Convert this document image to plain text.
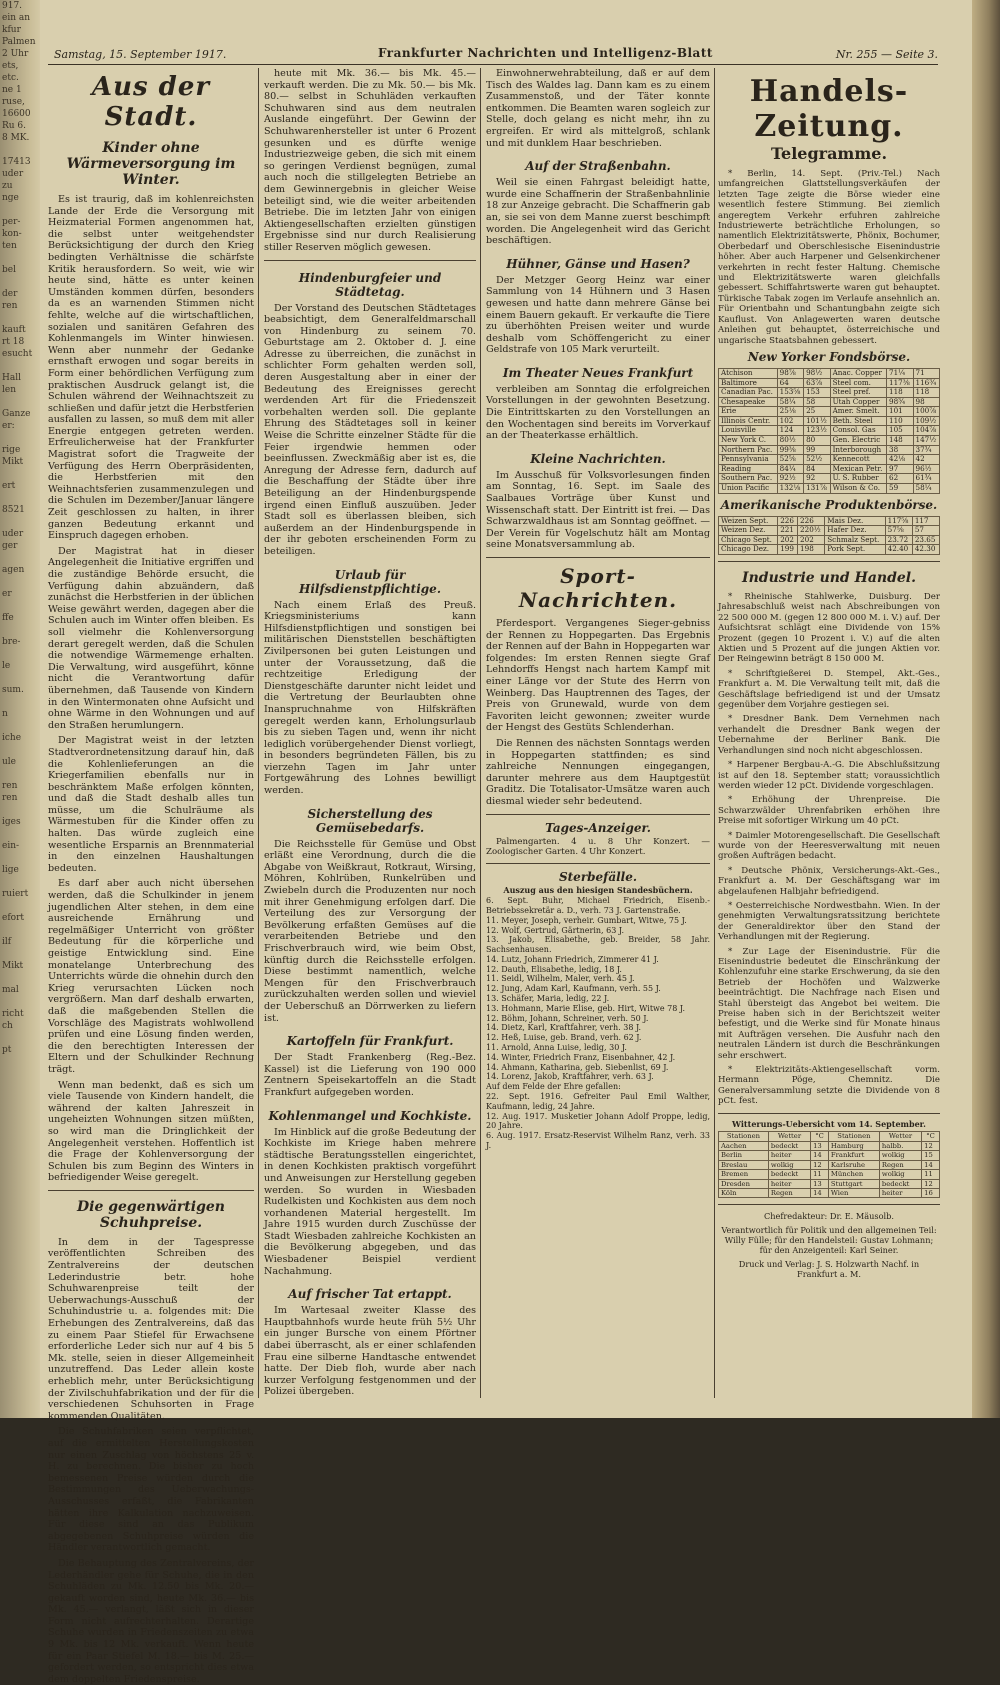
917.
ein an
kfur
Palmen
2 Uhr
ets,
etc.
ne 1
ruse,
16600
Ru 6.
8 MK.

17413
uder
zu
nge

per-
kon-
ten

bel

der
ren

kauft
rt 18
esucht

Hall
len

Ganze
er:

rige
Mikt

ert

8521

uder
ger

agen

er

ffe

bre-

le

sum.

n

iche

ule

ren
ren

iges

ein-

lige

ruiert

efort

ilf

Mikt

mal

richt
ch

pt
Samstag, 15. September 1917.	Frankfurter Nachrichten und Intelligenz-Blatt	Nr. 255 — Seite 3.
Aus der Stadt.
Kinder ohne Wärmeversorgung im Winter.

Es ist traurig, daß im kohlenreichsten Lande der Erde die Versorgung mit Heizmaterial Formen angenommen hat, die selbst unter weitgehendster Berücksichtigung der durch den Krieg bedingten Verhältnisse die schärfste Kritik herausfordern. So weit, wie wir heute sind, hätte es unter keinen Umständen kommen dürfen, besonders da es an warnenden Stimmen nicht fehlte, welche auf die wirtschaftlichen, sozialen und sanitären Gefahren des Kohlenmangels im Winter hinwiesen. Wenn aber nunmehr der Gedanke ernsthaft erwogen und sogar bereits in Form einer behördlichen Verfügung zum praktischen Ausdruck gelangt ist, die Schulen während der Weihnachtszeit zu schließen und dafür jetzt die Herbstferien ausfallen zu lassen, so muß dem mit aller Energie entgegen getreten werden. Erfreulicherweise hat der Frankfurter Magistrat sofort die Tragweite der Verfügung des Herrn Oberpräsidenten, die Herbstferien mit den Weihnachtsferien zusammenzulegen und die Schulen im Dezember/Januar längere Zeit geschlossen zu halten, in ihrer ganzen Bedeutung erkannt und Einspruch dagegen erhoben.

Der Magistrat hat in dieser Angelegenheit die Initiative ergriffen und die zuständige Behörde ersucht, die Verfügung dahin abzuändern, daß zunächst die Herbstferien in der üblichen Weise gewährt werden, dagegen aber die Schulen auch im Winter offen bleiben. Es soll vielmehr die Kohlenversorgung derart geregelt werden, daß die Schulen die notwendige Wärmemenge erhalten. Die Verwaltung, wird ausgeführt, könne nicht die Verantwortung dafür übernehmen, daß Tausende von Kindern in den Wintermonaten ohne Aufsicht und ohne Wärme in den Wohnungen und auf den Straßen herumlungern.

Der Magistrat weist in der letzten Stadtverordnetensitzung darauf hin, daß die Kohlenlieferungen an die Kriegerfamilien ebenfalls nur in beschränktem Maße erfolgen könnten, und daß die Stadt deshalb alles tun müsse, um die Schulräume als Wärmestuben für die Kinder offen zu halten. Das würde zugleich eine wesentliche Ersparnis an Brennmaterial in den einzelnen Haushaltungen bedeuten.

Es darf aber auch nicht übersehen werden, daß die Schulkinder in jenem jugendlichen Alter stehen, in dem eine ausreichende Ernährung und regelmäßiger Unterricht von größter Bedeutung für die körperliche und geistige Entwicklung sind. Eine monatelange Unterbrechung des Unterrichts würde die ohnehin durch den Krieg verursachten Lücken noch vergrößern. Man darf deshalb erwarten, daß die maßgebenden Stellen die Vorschläge des Magistrats wohlwollend prüfen und eine Lösung finden werden, die den berechtigten Interessen der Eltern und der Schulkinder Rechnung trägt.

Wenn man bedenkt, daß es sich um viele Tausende von Kindern handelt, die während der kalten Jahreszeit in ungeheizten Wohnungen sitzen müßten, so wird man die Dringlichkeit der Angelegenheit verstehen. Hoffentlich ist die Frage der Kohlenversorgung der Schulen bis zum Beginn des Winters in befriedigender Weise geregelt.

Die gegenwärtigen Schuhpreise.

In dem in der Tagespresse veröffentlichten Schreiben des Zentralvereins der deutschen Lederindustrie betr. hohe Schuhwarenpreise teilt der Ueberwachungs-Ausschuß der Schuhindustrie u. a. folgendes mit: Die Erhebungen des Zentralvereins, daß das zu einem Paar Stiefel für Erwachsene erforderliche Leder sich nur auf 4 bis 5 Mk. stelle, seien in dieser Allgemeinheit unzutreffend. Das Leder allein koste erheblich mehr, unter Berücksichtigung der Zivilschuhfabrikation und der für die verschiedenen Schuhsorten in Frage kommenden Qualitäten.

Die Schuhfabriken seien verpflichtet, auf die ermittelten Herstellungskosten nur einen Zuschlag von höchstens 25 v. H. zu berechnen. Die bisher zu hoch bemessenen Preise würden durch die Bestimmungen des Ueberwachungs-Ausschusses erfaßt, die Fabrikanten hätten ihre Kalkulation nachzuweisen. Für diese sind an das Publikum abgegebenen Schuhpreise würden die Händler verantwortlich gemacht.

Die Behauptung des Zentralvereins, der Lederhändler gehe für Schuhe, die in den Schuhläden zu Mk. 12.50 bis Mk. 20.— gekauft worden sind, heute Mk. 36.— bis Mk. 45.— verlangt, läßt sich in dieser Form nicht aufrechterhalten. Derartige Schuhe wurden in Friedenszeiten zu etwa 9 Mk. bis 12 Mk. verkauft. Wenn heute für ein Paar Stiefel M. 18.— bis M. 25.— gefordert werden, so entspricht dies etwa dem doppelten Friedenspreise.

heute mit Mk. 36.— bis Mk. 45.— verkauft werden. Die zu Mk. 50.— bis Mk. 80.— selbst in Schuhläden verkauften Schuhwaren sind aus dem neutralen Auslande eingeführt. Der Gewinn der Schuhwarenhersteller ist unter 6 Prozent gesunken und es dürfte wenige Industriezweige geben, die sich mit einem so geringen Verdienst begnügen, zumal auch noch die stillgelegten Betriebe an dem Gewinnergebnis in gleicher Weise beteiligt sind, wie die weiter arbeitenden Betriebe. Die im letzten Jahr von einigen Aktiengesellschaften erzielten günstigen Ergebnisse sind nur durch Realisierung stiller Reserven möglich gewesen.

Hindenburgfeier und Städtetag.

Der Vorstand des Deutschen Städtetages beabsichtigt, dem Generalfeldmarschall von Hindenburg zu seinem 70. Geburtstage am 2. Oktober d. J. eine Adresse zu überreichen, die zunächst in schlichter Form gehalten werden soll, deren Ausgestaltung aber in einer der Bedeutung des Ereignisses gerecht werdenden Art für die Friedenszeit vorbehalten werden soll. Die geplante Ehrung des Städtetages soll in keiner Weise die Schritte einzelner Städte für die Feier irgendwie hemmen oder beeinflussen. Zweckmäßig aber ist es, die Anregung der Adresse fern, dadurch auf die Beschaffung der Städte über ihre Beteiligung an der Hindenburgspende irgend einen Einfluß auszuüben. Jeder Stadt soll es überlassen bleiben, sich außerdem an der Hindenburgspende in der ihr geboten erscheinenden Form zu beteiligen.

Urlaub für Hilfsdienstpflichtige.

Nach einem Erlaß des Preuß. Kriegsministeriums kann Hilfsdienstpflichtigen und sonstigen bei militärischen Dienststellen beschäftigten Zivilpersonen bei guten Leistungen und unter der Voraussetzung, daß die rechtzeitige Erledigung der Dienstgeschäfte darunter nicht leidet und die Vertretung der Beurlaubten ohne Inanspruchnahme von Hilfskräften geregelt werden kann, Erholungsurlaub bis zu sieben Tagen und, wenn ihr nicht lediglich vorübergehender Dienst vorliegt, in besonders begründeten Fällen, bis zu vierzehn Tagen im Jahr unter Fortgewährung des Lohnes bewilligt werden.

Sicherstellung des Gemüsebedarfs.

Die Reichsstelle für Gemüse und Obst erläßt eine Verordnung, durch die die Abgabe von Weißkraut, Rotkraut, Wirsing, Möhren, Kohlrüben, Runkelrüben und Zwiebeln durch die Produzenten nur noch mit ihrer Genehmigung erfolgen darf. Die Verteilung des zur Versorgung der Bevölkerung erfaßten Gemüses auf die verarbeitenden Betriebe und den Frischverbrauch wird, wie beim Obst, künftig durch die Reichsstelle erfolgen. Diese bestimmt namentlich, welche Mengen für den Frischverbrauch zurückzuhalten werden sollen und wieviel der Ueberschuß an Dörrwerken zu liefern ist.

Kartoffeln für Frankfurt.

Der Stadt Frankenberg (Reg.-Bez. Kassel) ist die Lieferung von 190 000 Zentnern Speisekartoffeln an die Stadt Frankfurt aufgegeben worden.

Kohlenmangel und Kochkiste.

Im Hinblick auf die große Bedeutung der Kochkiste im Kriege haben mehrere städtische Beratungsstellen eingerichtet, in denen Kochkisten praktisch vorgeführt und Anweisungen zur Herstellung gegeben werden. So wurden in Wiesbaden Rudelkisten und Kochkisten aus dem noch vorhandenen Material hergestellt. Im Jahre 1915 wurden durch Zuschüsse der Stadt Wiesbaden zahlreiche Kochkisten an die Bevölkerung abgegeben, und das Wiesbadener Beispiel verdient Nachahmung.

Auf frischer Tat ertappt.

Im Wartesaal zweiter Klasse des Hauptbahnhofs wurde heute früh 5½ Uhr ein junger Bursche von einem Pförtner dabei überrascht, als er einer schlafenden Frau eine silberne Handtasche entwendet hatte. Der Dieb floh, wurde aber nach kurzer Verfolgung festgenommen und der Polizei übergeben.

Einwohnerwehrabteilung, daß er auf dem Tisch des Waldes lag. Dann kam es zu einem Zusammenstoß, und der Täter konnte entkommen. Die Beamten waren sogleich zur Stelle, doch gelang es nicht mehr, ihn zu ergreifen. Er wird als mittelgroß, schlank und mit dunklem Haar beschrieben.

Auf der Straßenbahn.

Weil sie einen Fahrgast beleidigt hatte, wurde eine Schaffnerin der Straßenbahnlinie 18 zur Anzeige gebracht. Die Schaffnerin gab an, sie sei von dem Manne zuerst beschimpft worden. Die Angelegenheit wird das Gericht beschäftigen.

Hühner, Gänse und Hasen?

Der Metzger Georg Heinz war einer Sammlung von 14 Hühnern und 3 Hasen gewesen und hatte dann mehrere Gänse bei einem Bauern gekauft. Er verkaufte die Tiere zu überhöhten Preisen weiter und wurde deshalb vom Schöffengericht zu einer Geldstrafe von 105 Mark verurteilt.

Im Theater Neues Frankfurt

verbleiben am Sonntag die erfolgreichen Vorstellungen in der gewohnten Besetzung. Die Eintrittskarten zu den Vorstellungen an den Wochentagen sind bereits im Vorverkauf an der Theaterkasse erhältlich.

Kleine Nachrichten.

Im Ausschuß für Volksvorlesungen finden am Sonntag, 16. Sept. im Saale des Saalbaues Vorträge über Kunst und Wissenschaft statt. Der Eintritt ist frei. — Das Schwarzwaldhaus ist am Sonntag geöffnet. — Der Verein für Vogelschutz hält am Montag seine Monatsversammlung ab.

Sport-Nachrichten.

Pferdesport. Vergangenes Sieger-gebniss der Rennen zu Hoppegarten. Das Ergebnis der Rennen auf der Bahn in Hoppegarten war folgendes: Im ersten Rennen siegte Graf Lehndorffs Hengst nach hartem Kampf mit einer Länge vor der Stute des Herrn von Weinberg. Das Hauptrennen des Tages, der Preis von Grunewald, wurde von dem Favoriten leicht gewonnen; zweiter wurde der Hengst des Gestüts Schlenderhan.

Die Rennen des nächsten Sonntags werden in Hoppegarten stattfinden; es sind zahlreiche Nennungen eingegangen, darunter mehrere aus dem Hauptgestüt Graditz. Die Totalisator-Umsätze waren auch diesmal wieder sehr bedeutend.

Tages-Anzeiger.

Palmengarten. 4 u. 8 Uhr Konzert. — Zoologischer Garten. 4 Uhr Konzert.

Sterbefälle.

Auszug aus den hiesigen Standesbüchern.

6. Sept. Buhr, Michael Friedrich, Eisenb.-Betriebssekretär a. D., verh. 73 J. Gartenstraße.

11. Meyer, Joseph, verheir. Gumbart, Witwe, 75 J.

12. Wolf, Gertrud, Gärtnerin, 63 J.

13. Jakob, Elisabethe, geb. Breider, 58 Jahr. Sachsenhausen.

14. Lutz, Johann Friedrich, Zimmerer 41 J.

12. Dauth, Elisabethe, ledig, 18 J.

11. Seidl, Wilhelm, Maler, verh. 45 J.

12. Jung, Adam Karl, Kaufmann, verh. 55 J.

13. Schäfer, Maria, ledig, 22 J.

13. Hohmann, Marie Elise, geb. Hirt, Witwe 78 J.

12. Böhm, Johann, Schreiner, verh. 50 J.

14. Dietz, Karl, Kraftfahrer, verh. 38 J.

12. Heß, Luise, geb. Brand, verh. 62 J.

11. Arnold, Anna Luise, ledig, 30 J.

14. Winter, Friedrich Franz, Eisenbahner, 42 J.

14. Ahmann, Katharina, geb. Siebenlist, 69 J.

14. Lorenz, Jakob, Kraftfahrer, verh. 63 J.

Auf dem Felde der Ehre gefallen:

22. Sept. 1916. Gefreiter Paul Emil Walther, Kaufmann, ledig, 24 Jahre.

12. Aug. 1917. Musketier Johann Adolf Proppe, ledig, 20 Jahre.

6. Aug. 1917. Ersatz-Reservist Wilhelm Ranz, verh. 33 J.

Handels-Zeitung.
Telegramme.

* Berlin, 14. Sept. (Priv.-Tel.) Nach umfangreichen Glattstellungsverkäufen der letzten Tage zeigte die Börse wieder eine wesentlich festere Stimmung. Bei ziemlich angeregtem Verkehr erfuhren zahlreiche Industriewerte beträchtliche Erholungen, so namentlich Elektrizitätswerte, Phönix, Bochumer, Oberbedarf und Oberschlesische Eisenindustrie höher. Aber auch Harpener und Gelsenkirchener verkehrten in recht fester Haltung. Chemische und Elektrizitätswerte waren gleichfalls gebessert. Schiffahrtswerte waren gut behauptet. Türkische Tabak zogen im Verlaufe ansehnlich an. Für Orientbahn und Schantungbahn zeigte sich Kauflust. Von Anlagewerten waren deutsche Anleihen gut behauptet, österreichische und ungarische Staatsbahnen gebessert.

New Yorker Fondsbörse.
Atchison	98⅞	98½	Anac. Copper	71¼	71
Baltimore	64	63⅞	Steel com.	117⅜	116¾
Canadian Pac.	153⅝	153	Steel pref.	118	118
Chesapeake	58¼	58	Utah Copper	98¾	98
Erie	25⅛	25	Amer. Smelt.	101	100⅞
Illinois Centr.	102	101½	Beth. Steel	110	109½
Louisville	124	123½	Consol. Gas	105	104⅞
New York C.	80½	80	Gen. Electric	148	147½
Northern Pac.	99⅜	99	Interborough	38	37¾
Pennsylvania	52⅝	52½	Kennecott	42⅛	42
Reading	84¼	84	Mexican Petr.	97	96½
Southern Pac.	92½	92	U. S. Rubber	62	61¾
Union Pacific	132⅛	131⅞	Wilson & Co.	59	58¼
Amerikanische Produktenbörse.
Weizen Sept.	226	226	Mais Dez.	117⅝	117
Weizen Dez.	221	220½	Hafer Dez.	57⅝	57
Chicago Sept.	202	202	Schmalz Sept.	23.72	23.65
Chicago Dez.	199	198	Pork Sept.	42.40	42.30
Industrie und Handel.

* Rheinische Stahlwerke, Duisburg. Der Jahresabschluß weist nach Abschreibungen von 22 500 000 M. (gegen 12 800 000 M. i. V.) auf. Der Aufsichtsrat schlägt eine Dividende von 15% Prozent (gegen 10 Prozent i. V.) auf die alten Aktien und 5 Prozent auf die jungen Aktien vor. Der Reingewinn beträgt 8 150 000 M.

* Schriftgießerei D. Stempel, Akt.-Ges., Frankfurt a. M. Die Verwaltung teilt mit, daß die Geschäftslage befriedigend ist und der Umsatz gegenüber dem Vorjahre gestiegen sei.

* Dresdner Bank. Dem Vernehmen nach verhandelt die Dresdner Bank wegen der Uebernahme der Berliner Bank. Die Verhandlungen sind noch nicht abgeschlossen.

* Harpener Bergbau-A.-G. Die Abschlußsitzung ist auf den 18. September statt; voraussichtlich werden wieder 12 pCt. Dividende vorgeschlagen.

* Erhöhung der Uhrenpreise. Die Schwarzwälder Uhrenfabriken erhöhen ihre Preise mit sofortiger Wirkung um 40 pCt.

* Daimler Motorengesellschaft. Die Gesellschaft wurde von der Heeresverwaltung mit neuen großen Aufträgen bedacht.

* Deutsche Phönix, Versicherungs-Akt.-Ges., Frankfurt a. M. Der Geschäftsgang war im abgelaufenen Halbjahr befriedigend.

* Oesterreichische Nordwestbahn. Wien. In der genehmigten Verwaltungsratssitzung berichtete der Generaldirektor über den Stand der Verhandlungen mit der Regierung.

* Zur Lage der Eisenindustrie. Für die Eisenindustrie bedeutet die Einschränkung der Kohlenzufuhr eine starke Erschwerung, da sie den Betrieb der Hochöfen und Walzwerke beeinträchtigt. Die Nachfrage nach Eisen und Stahl übersteigt das Angebot bei weitem. Die Preise haben sich in der Berichtszeit weiter befestigt, und die Werke sind für Monate hinaus mit Aufträgen versehen. Die Ausfuhr nach den neutralen Ländern ist durch die Beschränkungen sehr erschwert.

* Elektrizitäts-Aktiengesellschaft vorm. Hermann Pöge, Chemnitz. Die Generalversammlung setzte die Dividende von 8 pCt. fest.

Witterungs-Uebersicht vom 14. September.

Stationen	Wetter	°C	Stationen	Wetter	°C
Aachen	bedeckt	13	Hamburg	halbb.	12
Berlin	heiter	14	Frankfurt	wolkig	15
Breslau	wolkig	12	Karlsruhe	Regen	14
Bremen	bedeckt	11	München	wolkig	11
Dresden	heiter	13	Stuttgart	bedeckt	12
Köln	Regen	14	Wien	heiter	16

Chefredakteur: Dr. E. Mäusolb.

Verantwortlich für Politik und den allgemeinen Teil: Willy Fülle; für den Handelsteil: Gustav Lohmann; für den Anzeigenteil: Karl Seiner.

Druck und Verlag: J. S. Holzwarth Nachf. in Frankfurt a. M.
